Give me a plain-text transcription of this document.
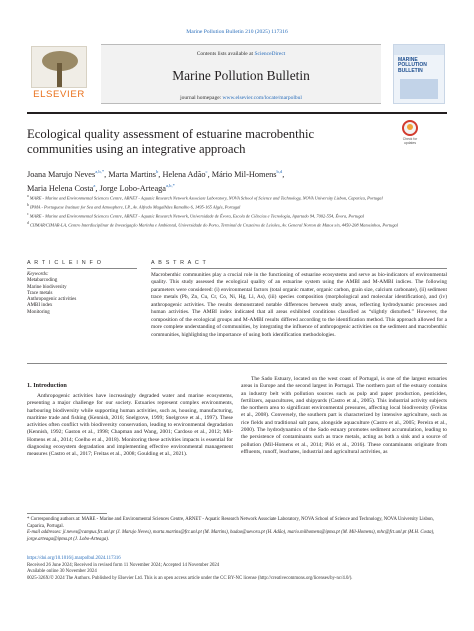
Marine Pollution Bulletin 210 (2025) 117316
ELSEVIER
Contents lists available at ScienceDirect
Marine Pollution Bulletin
journal homepage: www.elsevier.com/locate/marpolbul
MARINE POLLUTION BULLETIN
Ecological quality assessment of estuarine macrobenthic communities using an integrative approach
Check for updates
Joana Marujo Neves$^{a,b,*}$, Marta Martins$^b$, Helena Adão$^c$, Mário Mil-Homens$^{b,d}$,
Maria Helena Costa$^a$, Jorge Lobo-Arteaga$^{a,b,*}$
$^a$ MARE - Marine and Environmental Sciences Centre, ARNET - Aquatic Research Network Associate Laboratory, NOVA School of Science and Technology, NOVA University Lisbon, Caparica, Portugal
$^b$ IPMA - Portuguese Institute for Sea and Atmosphere, I.P., Av. Alfredo Magalhães Ramalho 6, 1495-165 Algés, Portugal
$^c$ MARE - Marine and Environmental Sciences Centre, ARNET - Aquatic Research Network, Universidade de Évora, Escola de Ciências e Tecnologia, Apartado 94, 7002-554, Évora, Portugal
$^d$ CIIMAR/CIMAR-LA, Centro Interdisciplinar de Investigação Marinha e Ambiental, Universidade do Porto, Terminal de Cruzeiros de Leixões, Av. General Norton de Matos s/n, 4450-208 Matosinhos, Portugal
A R T I C L E I N F O	A B S T R A C T
Keywords:
Metabarcoding
Marine biodiversity
Trace metals
Anthropogenic activities
AMBI index
Monitoring
Macrobenthic communities play a crucial role in the functioning of estuarine ecosystems and serve as bio-indicators of environmental quality. This study assessed the ecological quality of an estuarine system using the AMBI and M-AMBI indices. The following parameters were considered: (i) environmental factors (total organic matter, organic carbon, grain size, calcium carbonate), (ii) sediment trace metals (Pb, Zn, Cu, Cr, Co, Ni, Hg, Li, As), (iii) species composition (morphological and molecular identification), and (iv) anthropogenic activities. The results demonstrated notable differences between study areas, reflecting hydrodynamic processes and human activities. The AMBI index indicated that all areas exhibited conditions classified as “slightly disturbed.” However, the composition of the ecological groups and M-AMBI results differed according to the identification method. This approach allowed for a more complete understanding of communities, by integrating the influence of anthropogenic activities on the sediment and macrobenthic communities, highlighting the importance of using both identification methodologies.
1. Introduction
Anthropogenic activities have increasingly degraded water and marine ecosystems, presenting a major challenge for our society. Estuaries represent complex environments, harbouring biodiversity while supporting human activities, such as, housing, manufacturing, maritime trade and fishing (Kennish, 2016; Snelgrove, 1999; Snelgrove et al., 1997). These activities often conflict with biodiversity conservation, leading to environmental degradation (Kennish, 1992; Gaston et al., 1998; Chapman and Wang, 2001; Cardoso et al., 2012; Mil-Homens et al., 2014; Coelho et al., 2018). Monitoring these activities impacts is essential for diagnosing ecosystem degradation and implementing effective environmental management measures (Castro et al., 2017; Freitas et al., 2008; Goulding et al., 2021).
The Sado Estuary, located on the west coast of Portugal, is one of the largest estuaries areas in Europe and the second largest in Portugal. The northern part of the estuary contains an industry belt with pollution sources such as pulp and paper production, pesticides, fertilizers, aquacultures, and shipyards (Castro et al., 2005). This industrial activity subjects the northern area to significant environmental pressures, affecting local biodiversity (Freitas et al., 2008). Conversely, the southern part is characterized by intensive agriculture, such as rice fields and traditional salt pans, alongside aquaculture (Castro et al., 2005; Pereira et al., 2000). The hydrodynamics of the Sado estuary promotes sediment accumulation, leading to the persistence of contaminants such as trace metals, acting as both a sink and a source of pollution (Mil-Homens et al., 2014; Piló et al., 2016). These contaminants originate from effluents, runoff, leachates, industrial and agricultural activities, as
* Corresponding authors at: MARE - Marine and Environmental Sciences Centre, ARNET - Aquatic Research Network Associate Laboratory, NOVA School of Science and Technology, NOVA University Lisbon, Caparica, Portugal.
E-mail addresses: jl.neves@campus.fct.unl.pt (J. Marujo Neves), marta.martins@fct.unl.pt (M. Martins), hadao@uevora.pt (H. Adão), mario.milhomens@ipma.pt (M. Mil-Homens), mhc@fct.unl.pt (M.H. Costa), jorge.arteaga@ipma.pt (J. Lobo-Arteaga).
https://doi.org/10.1016/j.marpolbul.2024.117316
Received 26 June 2024; Received in revised form 11 November 2024; Accepted 14 November 2024
Available online 30 November 2024
0025-326X/© 2024 The Authors. Published by Elsevier Ltd. This is an open access article under the CC BY-NC license (http://creativecommons.org/licenses/by-nc/4.0/).
